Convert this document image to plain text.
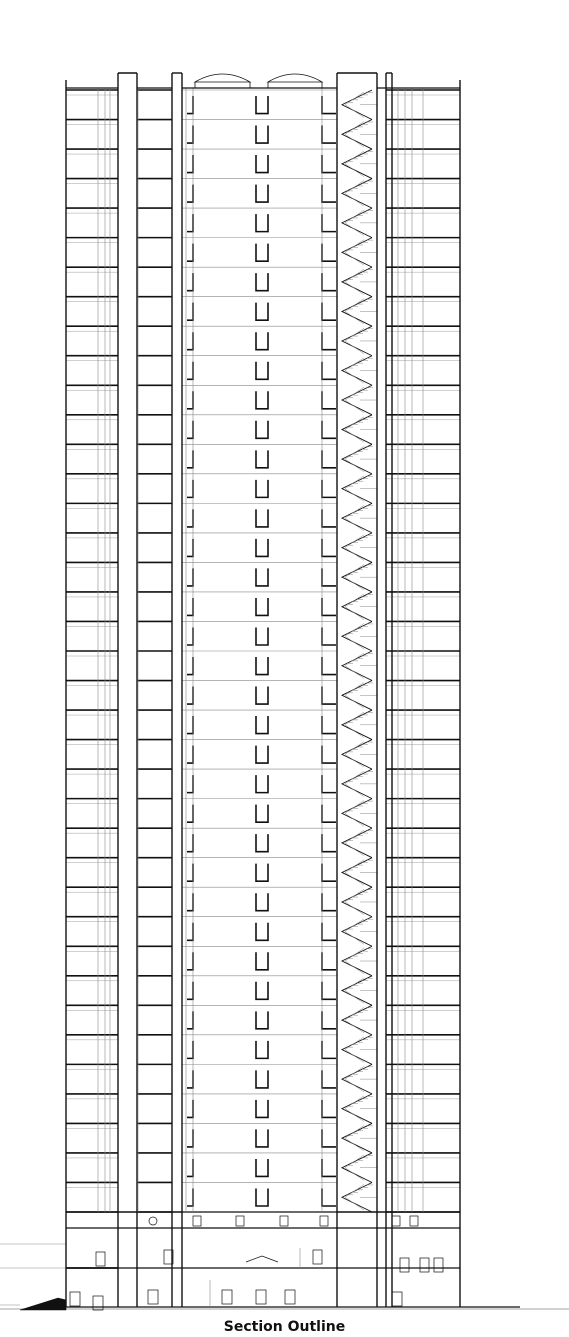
Section Outline
